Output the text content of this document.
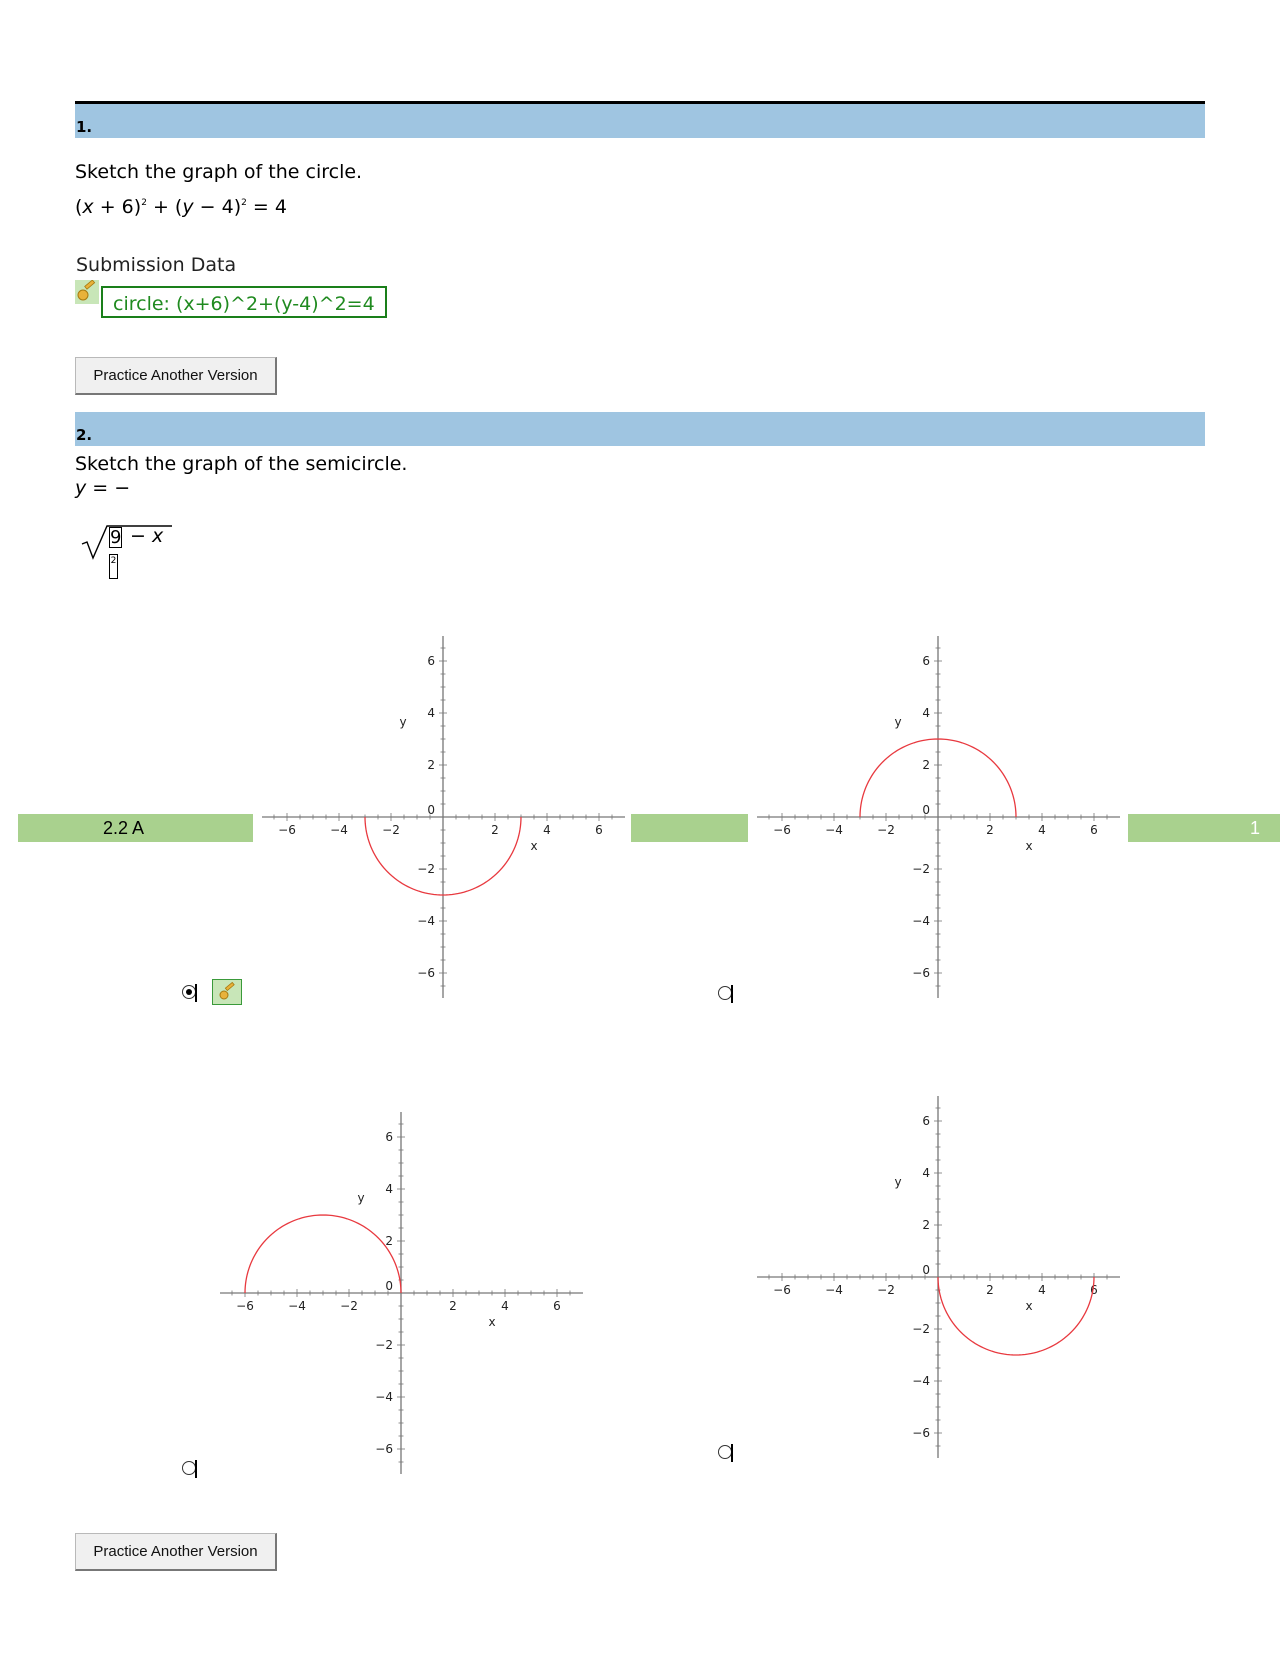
1.
Sketch the graph of the circle.
$(x + 6)^2 + (y - 4)^2 = 4$
Submission Data
circle: (x+6)^2+(y-4)^2=4
Practice Another Version
2.
Sketch the graph of the semicircle.
y = −
9 − x
2
2.2 A	1
−6
−6
−4
−4
−2
−2
2
2
4
4
6
6
0
x
y
−6
−6
−4
−4
−2
−2
2
2
4
4
6
6
0
x
y
−6
−6
−4
−4
−2
−2
2
2
4
4
6
6
0
x
y
−6
−6
−4
−4
−2
−2
2
2
4
4
6
6
0
x
y
Practice Another Version
